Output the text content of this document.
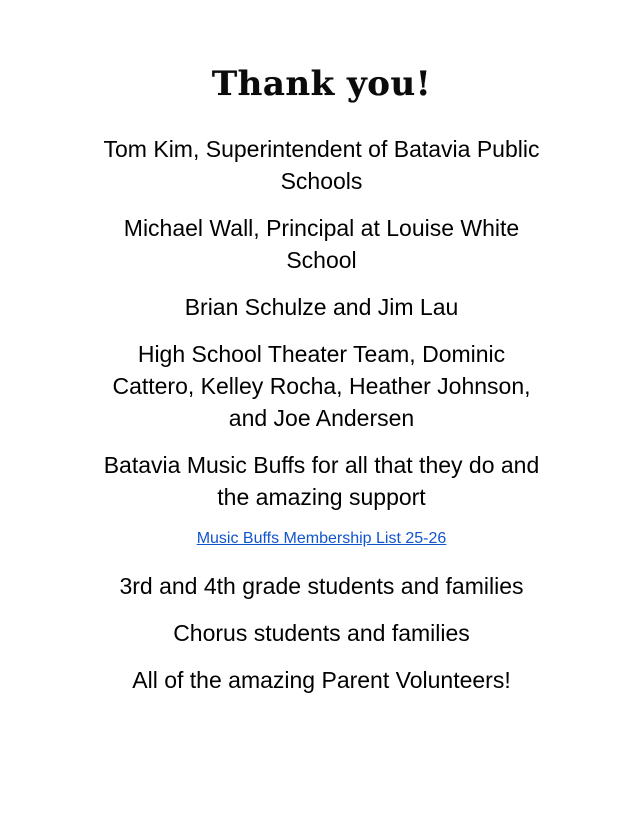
Thank you!

Tom Kim, Superintendent of Batavia Public
Schools

Michael Wall, Principal at Louise White
School

Brian Schulze and Jim Lau

High School Theater Team, Dominic
Cattero, Kelley Rocha, Heather Johnson,
and Joe Andersen

Batavia Music Buffs for all that they do and
the amazing support

Music Buffs Membership List 25-26

3rd and 4th grade students and families

Chorus students and families

All of the amazing Parent Volunteers!
